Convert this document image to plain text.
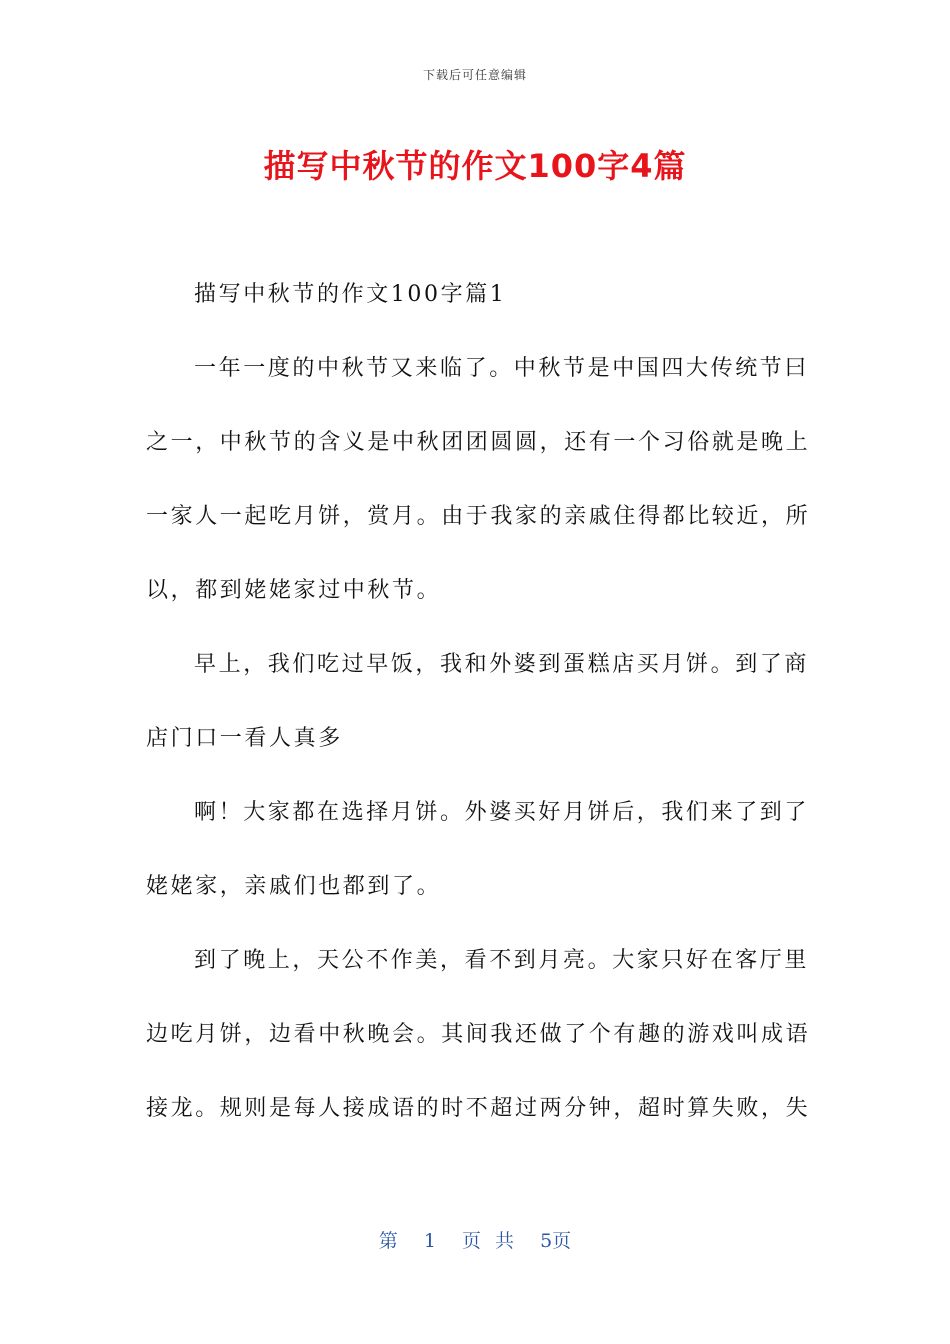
下载后可任意编辑
描写中秋节的作文100字4篇
描写中秋节的作文100字篇1
一年一度的中秋节又来临了。中秋节是中国四大传统节曰
之一，中秋节的含义是中秋团团圆圆，还有一个习俗就是晚上
一家人一起吃月饼，赏月。由于我家的亲戚住得都比较近，所
以，都到姥姥家过中秋节。
早上，我们吃过早饭，我和外婆到蛋糕店买月饼。到了商
店门口一看人真多
啊！大家都在选择月饼。外婆买好月饼后，我们来了到了
姥姥家，亲戚们也都到了。
到了晚上，天公不作美，看不到月亮。大家只好在客厅里
边吃月饼，边看中秋晚会。其间我还做了个有趣的游戏叫成语
接龙。规则是每人接成语的时不超过两分钟，超时算失败，失
第 1 页 共 5页
